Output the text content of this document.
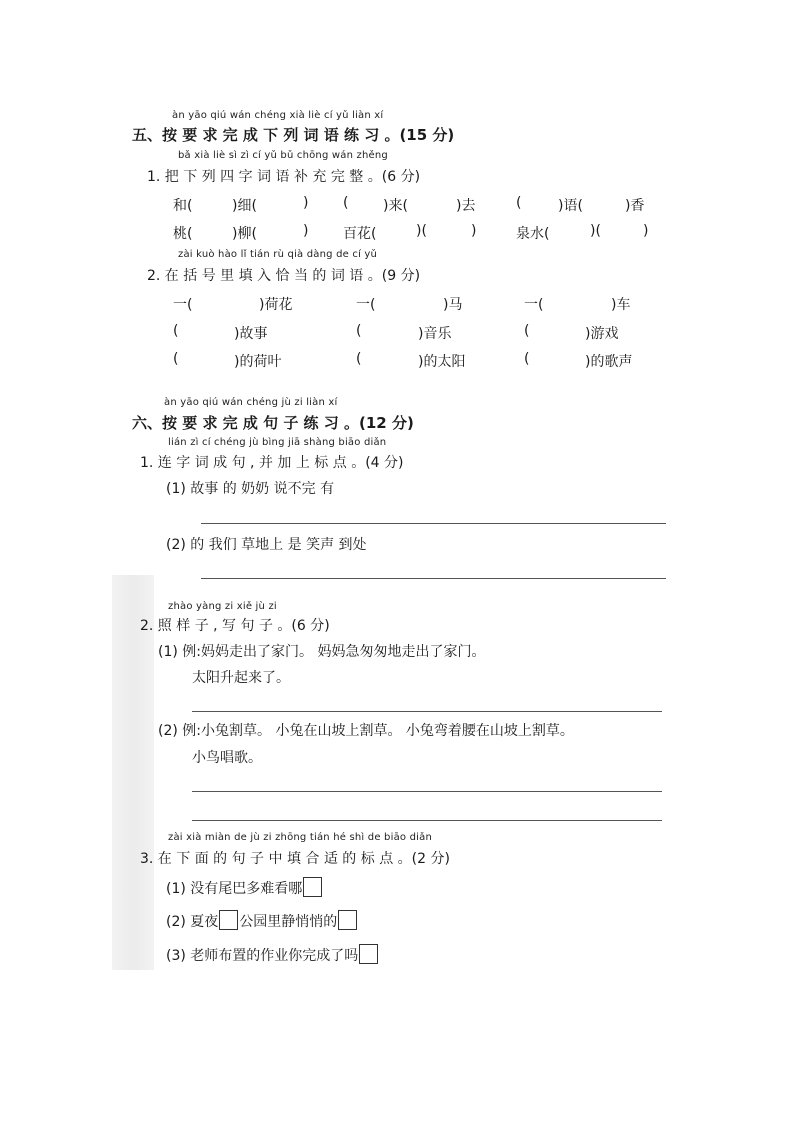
àn yāo qiú wán chéng xià liè cí yǔ liàn xí
五、按 要 求 完 成 下 列 词 语 练 习 。(15 分)
bǎ xià liè sì zì cí yǔ bǔ chōng wán zhěng
1. 把 下 列 四 字 词 语 补 充 完 整 。(6 分)
和(	)细(	) ( )来(	)去	(	)语(	)香
桃(	)柳(	) 百花(	)(	)	泉水(	)(	)
zài kuò hào lǐ tián rù qià dàng de cí yǔ
2. 在 括 号 里 填 入 恰 当 的 词 语 。(9 分)
一(	)荷花	一(	)马	一(	)车
(	)故事	(	)音乐	(	)游戏
(	)的荷叶	(	)的太阳	(	)的歌声
àn yāo qiú wán chéng jù zi liàn xí
六、按 要 求 完 成 句 子 练 习 。(12 分)
lián zì cí chéng jù bìng jiā shàng biāo diǎn
1. 连 字 词 成 句 , 并 加 上 标 点 。(4 分)
(1) 故事 的 奶奶 说不完 有
(2) 的 我们 草地上 是 笑声 到处
zhào yàng zi xiě jù zi
2. 照 样 子 , 写 句 子 。(6 分)
(1) 例:妈妈走出了家门。 妈妈急匆匆地走出了家门。
太阳升起来了。
(2) 例:小兔割草。 小兔在山坡上割草。 小兔弯着腰在山坡上割草。
小鸟唱歌。
zài xià miàn de jù zi zhōng tián hé shì de biāo diǎn
3. 在 下 面 的 句 子 中 填 合 适 的 标 点 。(2 分)
(1) 没有尾巴多难看哪
(2) 夏夜 公园里静悄悄的
(3) 老师布置的作业你完成了吗
